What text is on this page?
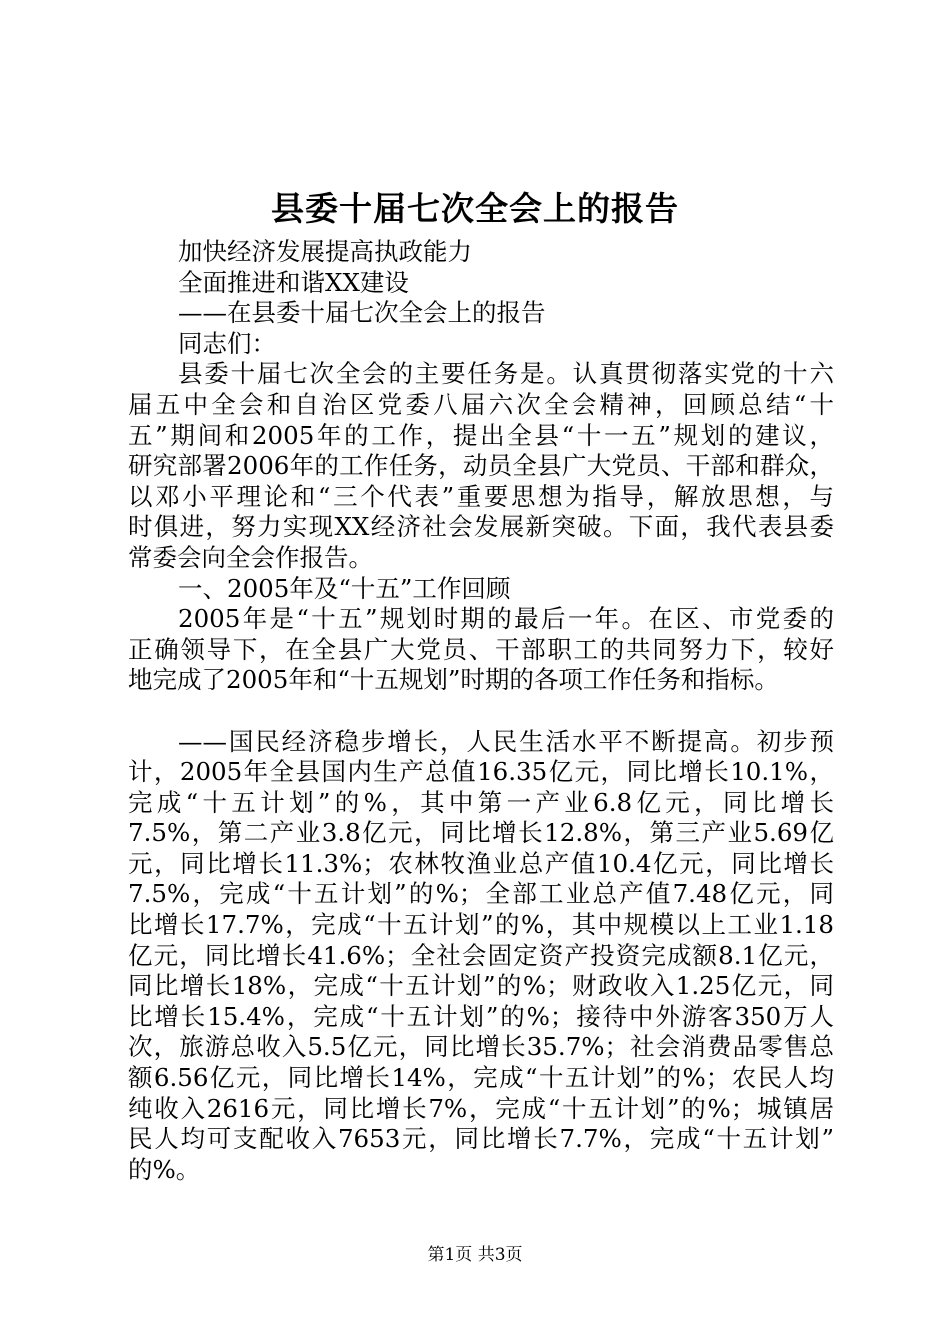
县委十届七次全会上的报告
加快经济发展提高执政能力
全面推进和谐XX建设
——在县委十届七次全会上的报告
同志们：
县委十届七次全会的主要任务是。认真贯彻落实党的十六
届五中全会和自治区党委八届六次全会精神，回顾总结“十
五”期间和2005年的工作，提出全县“十一五”规划的建议，
研究部署2006年的工作任务，动员全县广大党员、干部和群众，
以邓小平理论和“三个代表”重要思想为指导，解放思想，与
时俱进，努力实现XX经济社会发展新突破。下面，我代表县委
常委会向全会作报告。
一、2005年及“十五”工作回顾
2005年是“十五”规划时期的最后一年。在区、市党委的
正确领导下，在全县广大党员、干部职工的共同努力下，较好
地完成了2005年和“十五规划”时期的各项工作任务和指标。
——国民经济稳步增长，人民生活水平不断提高。初步预
计，2005年全县国内生产总值16.35亿元，同比增长10.1%，
完成“十五计划”的%，其中第一产业6.8亿元，同比增长
7.5%，第二产业3.8亿元，同比增长12.8%，第三产业5.69亿
元，同比增长11.3%；农林牧渔业总产值10.4亿元，同比增长
7.5%，完成“十五计划”的%；全部工业总产值7.48亿元，同
比增长17.7%，完成“十五计划”的%，其中规模以上工业1.18
亿元，同比增长41.6%；全社会固定资产投资完成额8.1亿元，
同比增长18%，完成“十五计划”的%；财政收入1.25亿元，同
比增长15.4%，完成“十五计划”的%；接待中外游客350万人
次，旅游总收入5.5亿元，同比增长35.7%；社会消费品零售总
额6.56亿元，同比增长14%，完成“十五计划”的%；农民人均
纯收入2616元，同比增长7%，完成“十五计划”的%；城镇居
民人均可支配收入7653元，同比增长7.7%，完成“十五计划”
的%。
第1页 共3页
